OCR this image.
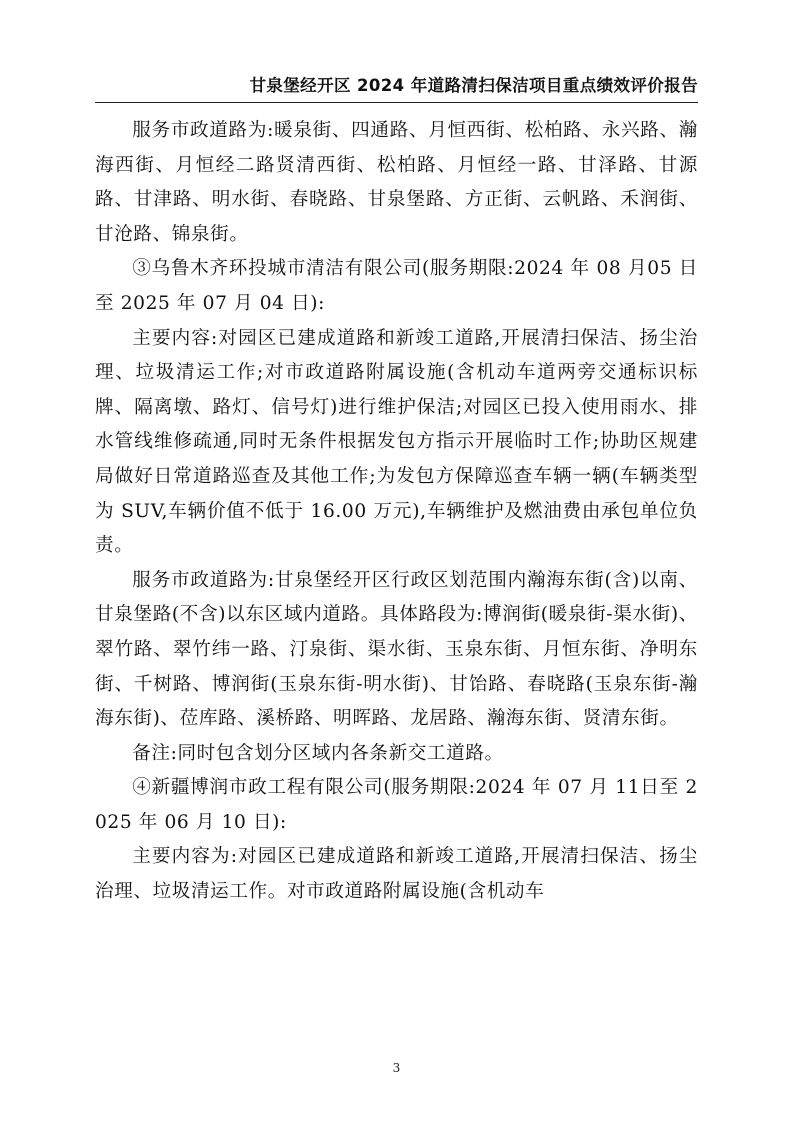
甘泉堡经开区 2024 年道路清扫保洁项目重点绩效评价报告

服务市政道路为:暖泉街、四通路、月恒西街、松柏路、永兴路、瀚海西街、月恒经二路贤清西街、松柏路、月恒经一路、甘泽路、甘源路、甘津路、明水街、春晓路、甘泉堡路、方正街、云帆路、禾润街、甘沧路、锦泉街。

③乌鲁木齐环投城市清洁有限公司(服务期限:2024 年 08 月05 日至 2025 年 07 月 04 日):

主要内容:对园区已建成道路和新竣工道路,开展清扫保洁、扬尘治理、垃圾清运工作;对市政道路附属设施(含机动车道两旁交通标识标牌、隔离墩、路灯、信号灯)进行维护保洁;对园区已投入使用雨水、排水管线维修疏通,同时无条件根据发包方指示开展临时工作;协助区规建局做好日常道路巡查及其他工作;为发包方保障巡查车辆一辆(车辆类型为 SUV,车辆价值不低于 16.00 万元),车辆维护及燃油费由承包单位负责。

服务市政道路为:甘泉堡经开区行政区划范围内瀚海东街(含)以南、甘泉堡路(不含)以东区域内道路。具体路段为:博润街(暖泉街-渠水街)、翠竹路、翠竹纬一路、汀泉街、渠水街、玉泉东街、月恒东街、净明东街、千树路、博润街(玉泉东街-明水街)、甘饴路、春晓路(玉泉东街-瀚海东街)、莅库路、溪桥路、明晖路、龙居路、瀚海东街、贤清东街。

备注:同时包含划分区域内各条新交工道路。

④新疆博润市政工程有限公司(服务期限:2024 年 07 月 11日至 2025 年 06 月 10 日):

主要内容为:对园区已建成道路和新竣工道路,开展清扫保洁、扬尘治理、垃圾清运工作。对市政道路附属设施(含机动车

3
